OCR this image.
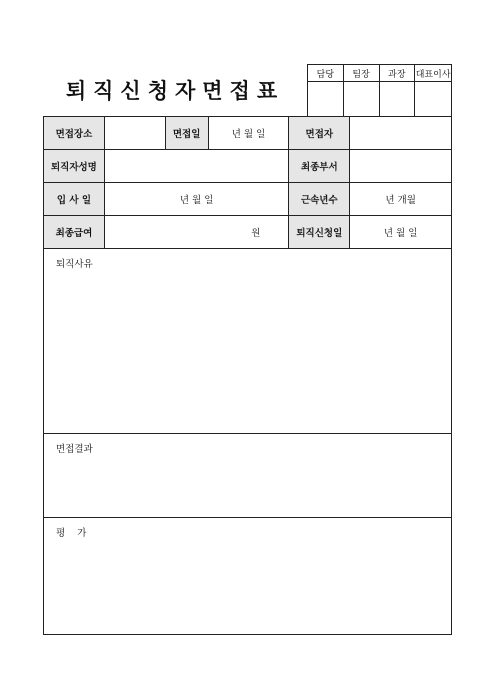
퇴직신청자면접표
담당	팀장	과장	대표이사

면접장소		면접일	년 월 일	면접자	
퇴직자성명				최종부서	
입 사 일	년 월 일			근속년수	년 개월
최종급여	원			퇴직신청일	년 월 일
퇴직사유					
면접결과					
평    가					
